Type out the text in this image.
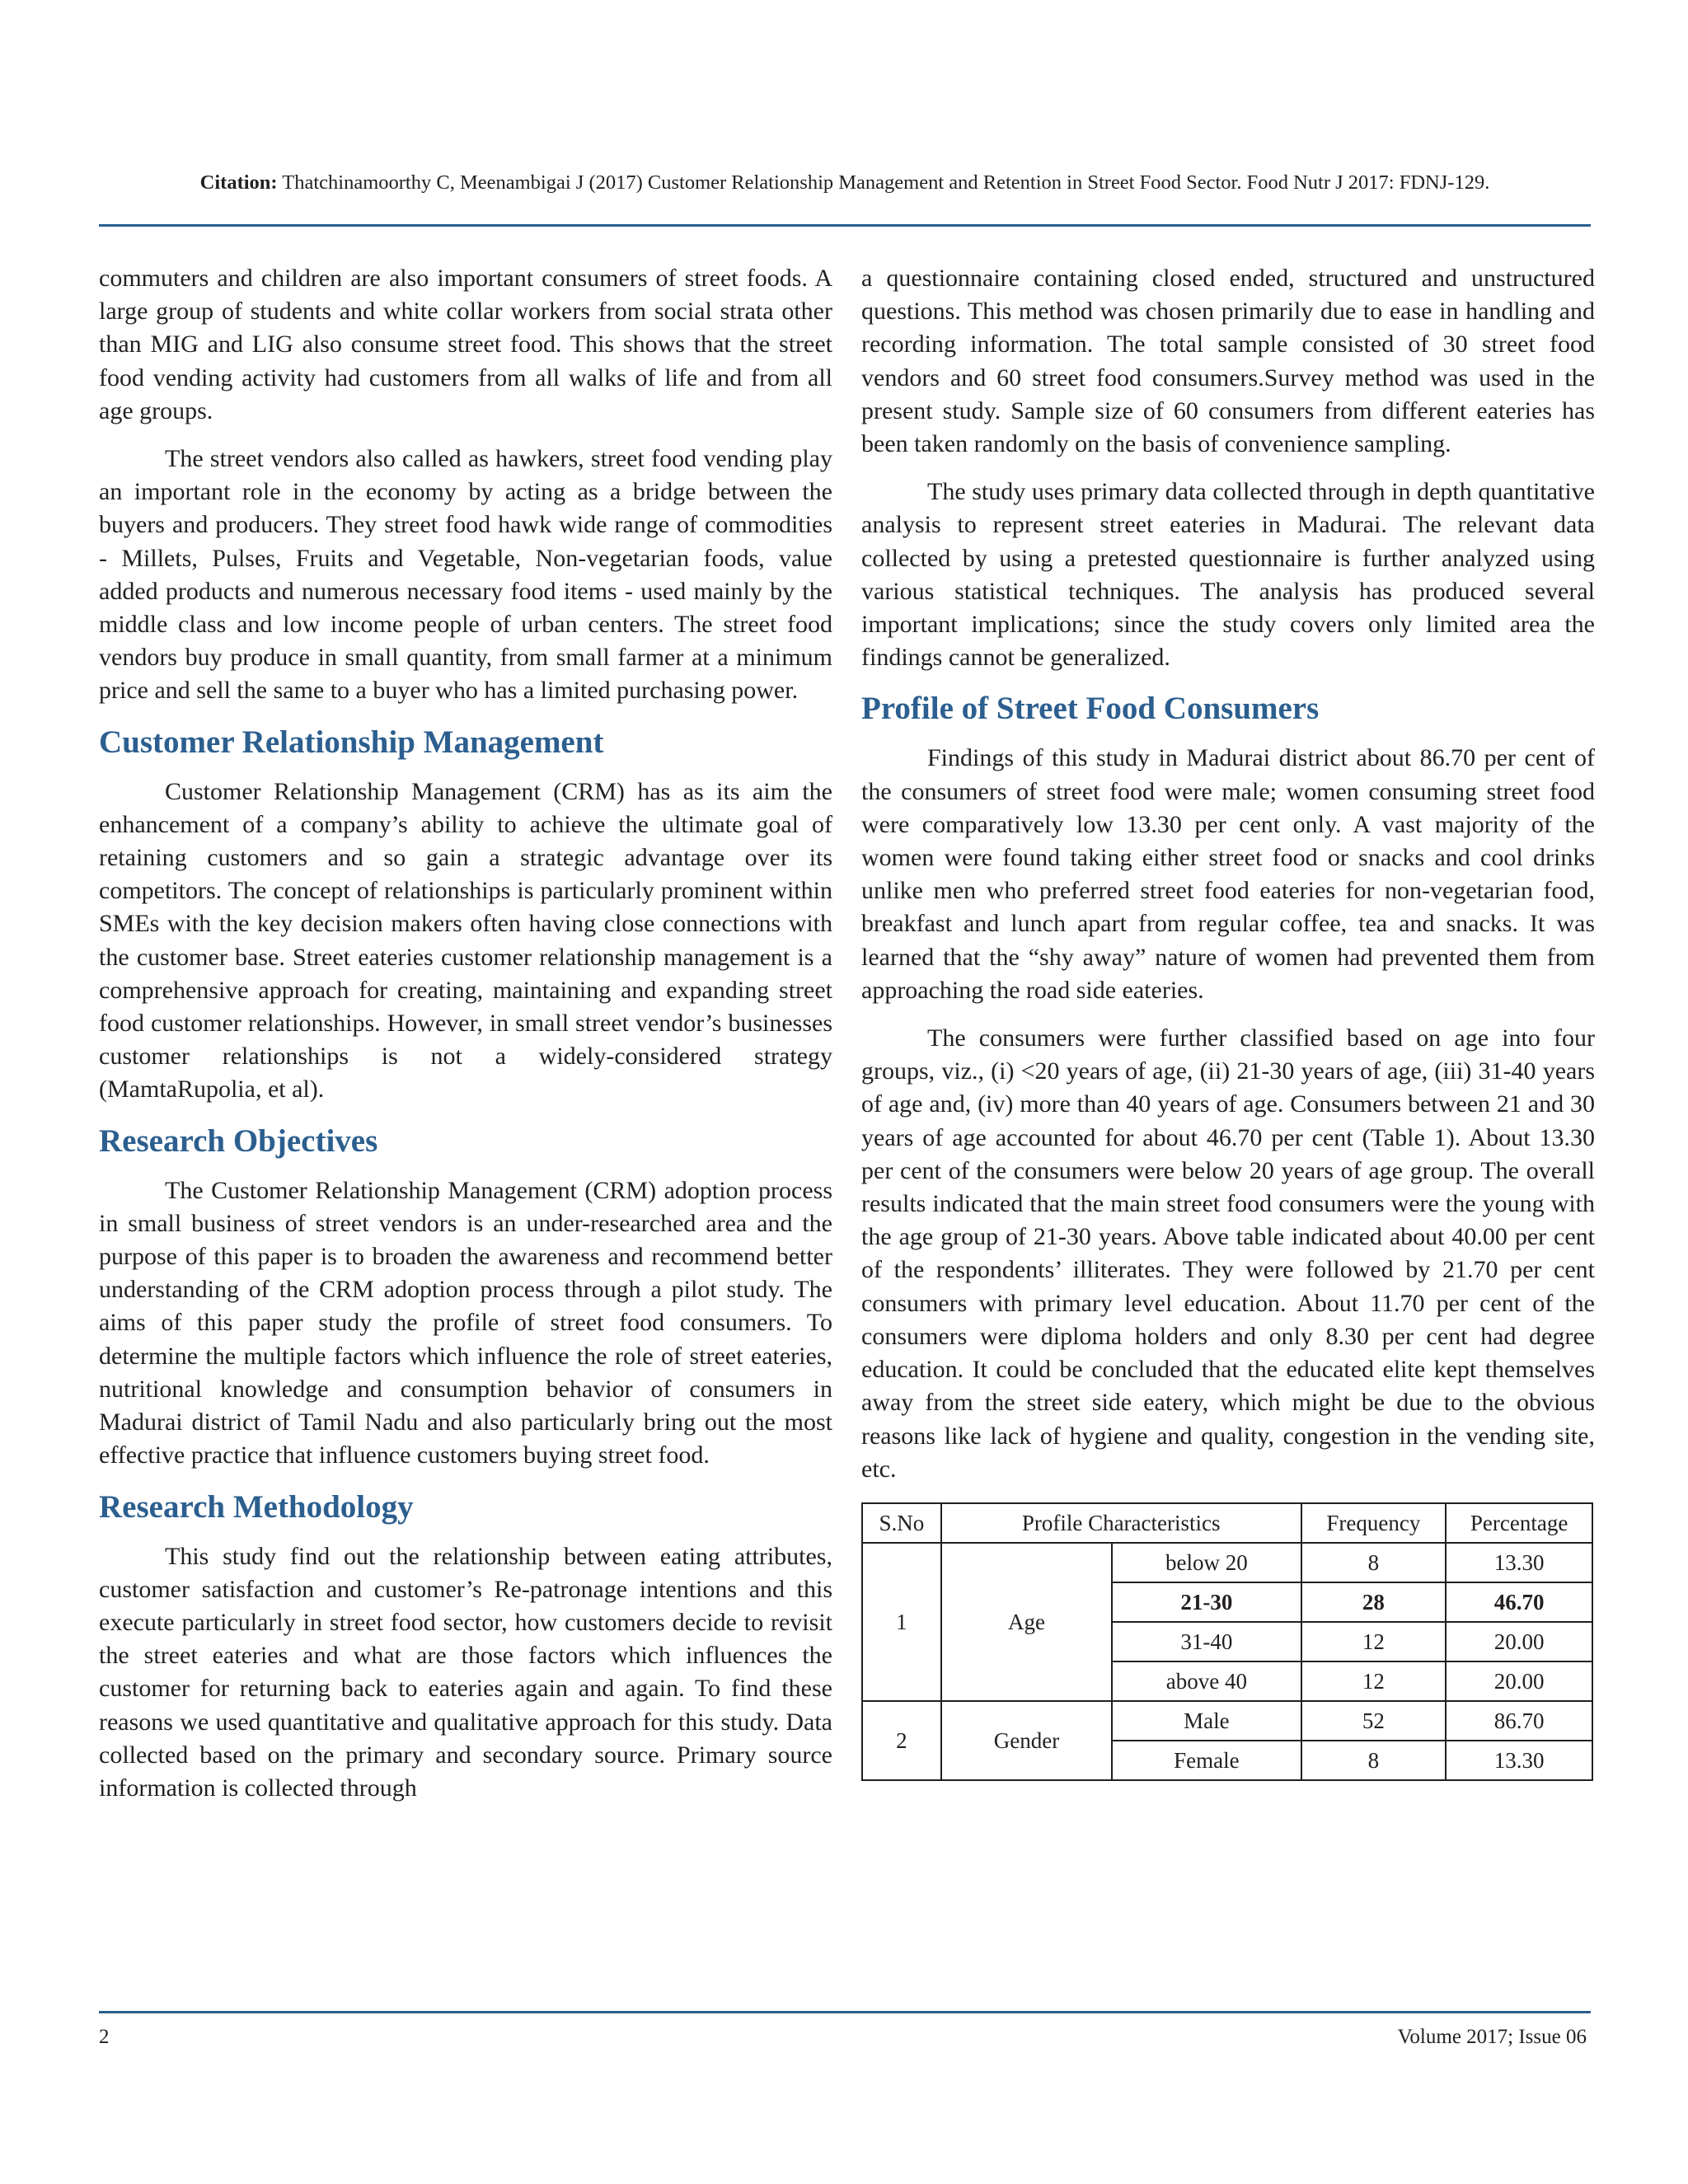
Citation: Thatchinamoorthy C, Meenambigai J (2017) Customer Relationship Management and Retention in Street Food Sector. Food Nutr J 2017: FDNJ-129.

commuters and children are also important consumers of street foods. A large group of students and white collar workers from social strata other than MIG and LIG also consume street food. This shows that the street food vending activity had customers from all walks of life and from all age groups.

The street vendors also called as hawkers, street food vending play an important role in the economy by acting as a bridge between the buyers and producers. They street food hawk wide range of commodities - Millets, Pulses, Fruits and Vegetable, Non-vegetarian foods, value added products and numerous necessary food items - used mainly by the middle class and low income people of urban centers. The street food vendors buy produce in small quantity, from small farmer at a minimum price and sell the same to a buyer who has a limited purchasing power.

Customer Relationship Management

Customer Relationship Management (CRM) has as its aim the enhancement of a company’s ability to achieve the ultimate goal of retaining customers and so gain a strategic advantage over its competitors. The concept of relationships is particularly prominent within SMEs with the key decision makers often having close connections with the customer base. Street eateries customer relationship management is a comprehensive approach for creating, maintaining and expanding street food customer relationships. However, in small street vendor’s businesses customer relationships is not a widely-considered strategy (MamtaRupolia, et al).

Research Objectives

The Customer Relationship Management (CRM) adoption process in small business of street vendors is an under-researched area and the purpose of this paper is to broaden the awareness and recommend better understanding of the CRM adoption process through a pilot study. The aims of this paper study the profile of street food consumers. To determine the multiple factors which influence the role of street eateries, nutritional knowledge and consumption behavior of consumers in Madurai district of Tamil Nadu and also particularly bring out the most effective practice that influence customers buying street food.

Research Methodology

This study find out the relationship between eating attributes, customer satisfaction and customer’s Re-patronage intentions and this execute particularly in street food sector, how customers decide to revisit the street eateries and what are those factors which influences the customer for returning back to eateries again and again. To find these reasons we used quantitative and qualitative approach for this study. Data collected based on the primary and secondary source. Primary source information is collected through

a questionnaire containing closed ended, structured and unstructured questions. This method was chosen primarily due to ease in handling and recording information. The total sample consisted of 30 street food vendors and 60 street food consumers.Survey method was used in the present study. Sample size of 60 consumers from different eateries has been taken randomly on the basis of convenience sampling.

The study uses primary data collected through in depth quantitative analysis to represent street eateries in Madurai. The relevant data collected by using a pretested questionnaire is further analyzed using various statistical techniques. The analysis has produced several important implications; since the study covers only limited area the findings cannot be generalized.

Profile of Street Food Consumers

Findings of this study in Madurai district about 86.70 per cent of the consumers of street food were male; women consuming street food were comparatively low 13.30 per cent only. A vast majority of the women were found taking either street food or snacks and cool drinks unlike men who preferred street food eateries for non-vegetarian food, breakfast and lunch apart from regular coffee, tea and snacks. It was learned that the “shy away” nature of women had prevented them from approaching the road side eateries.

The consumers were further classified based on age into four groups, viz., (i) <20 years of age, (ii) 21-30 years of age, (iii) 31-40 years of age and, (iv) more than 40 years of age. Consumers between 21 and 30 years of age accounted for about 46.70 per cent (Table 1). About 13.30 per cent of the consumers were below 20 years of age group. The overall results indicated that the main street food consumers were the young with the age group of 21-30 years. Above table indicated about 40.00 per cent of the respondents’ illiterates. They were followed by 21.70 per cent consumers with primary level education. About 11.70 per cent of the consumers were diploma holders and only 8.30 per cent had degree education. It could be concluded that the educated elite kept themselves away from the street side eatery, which might be due to the obvious reasons like lack of hygiene and quality, congestion in the vending site, etc.

S.No	Profile Characteristics		Frequency	Percentage
1	Age	below 20	8	13.30
		21-30	28	46.70
		31-40	12	20.00
		above 40	12	20.00
2	Gender	Male	52	86.70
		Female	8	13.30
2	Volume 2017; Issue 06
